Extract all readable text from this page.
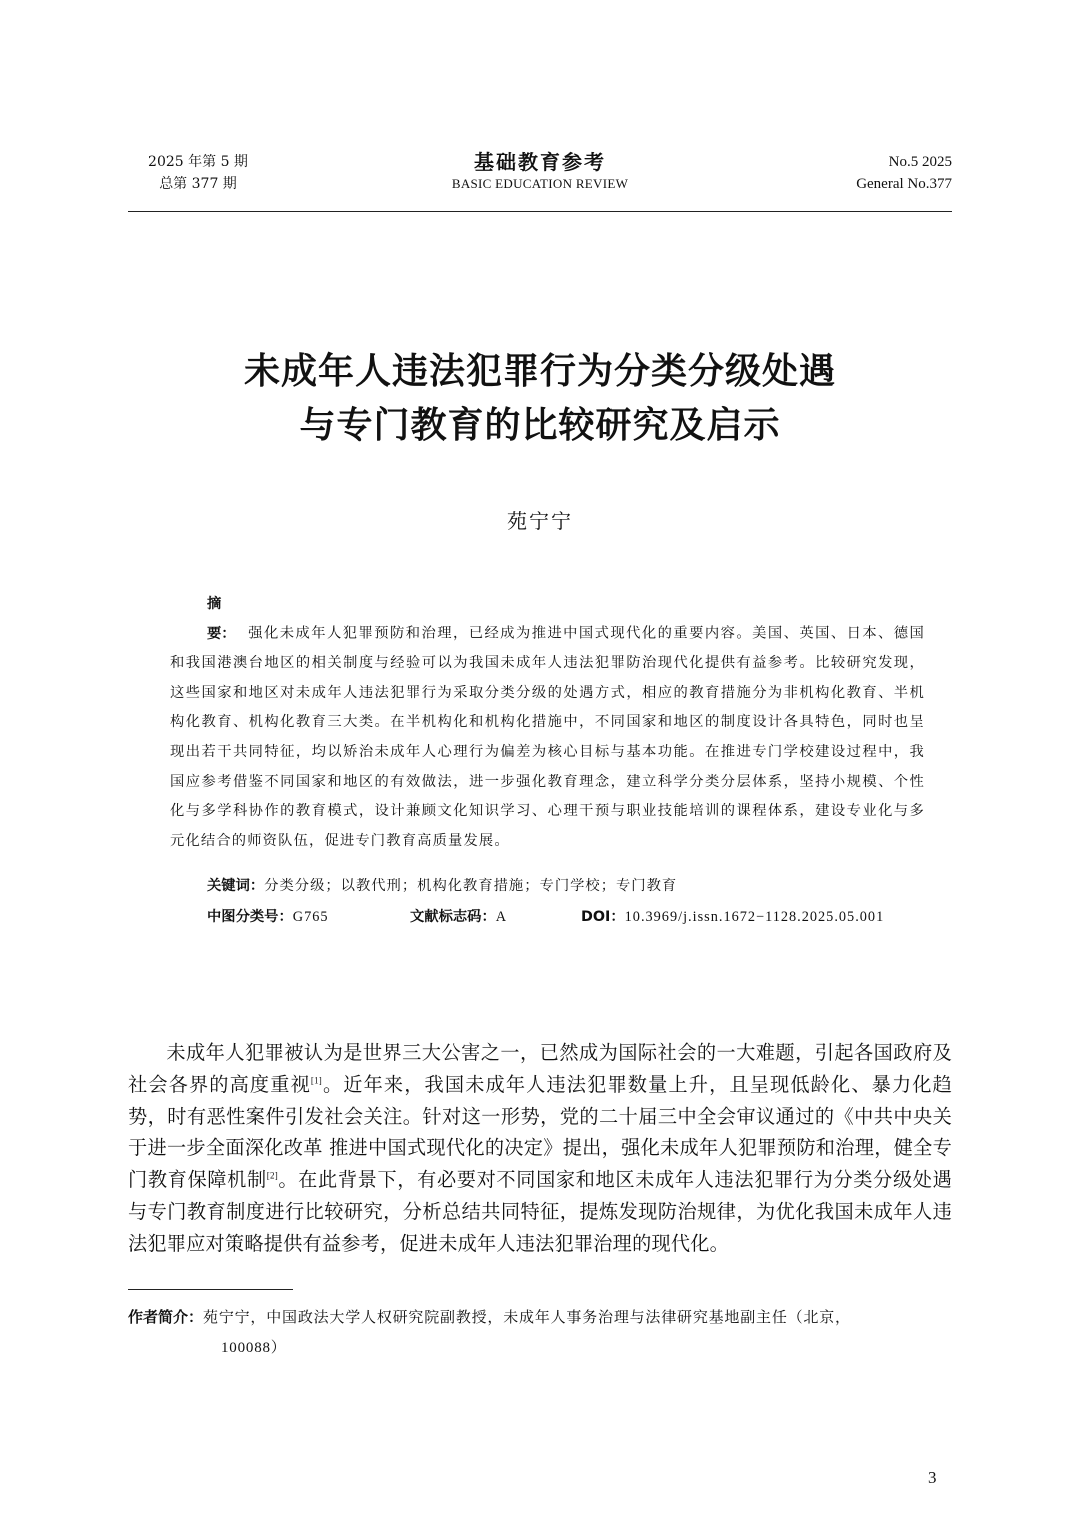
2025 年第 5 期
总第 377 期
基础教育参考
BASIC EDUCATION REVIEW
No.5 2025
General No.377
未成年人违法犯罪行为分类分级处遇
与专门教育的比较研究及启示
苑宁宁
摘要： 强化未成年人犯罪预防和治理，已经成为推进中国式现代化的重要内容。美国、英国、日本、德国和我国港澳台地区的相关制度与经验可以为我国未成年人违法犯罪防治现代化提供有益参考。比较研究发现，这些国家和地区对未成年人违法犯罪行为采取分类分级的处遇方式，相应的教育措施分为非机构化教育、半机构化教育、机构化教育三大类。在半机构化和机构化措施中，不同国家和地区的制度设计各具特色，同时也呈现出若干共同特征，均以矫治未成年人心理行为偏差为核心目标与基本功能。在推进专门学校建设过程中，我国应参考借鉴不同国家和地区的有效做法，进一步强化教育理念，建立科学分类分层体系，坚持小规模、个性化与多学科协作的教育模式，设计兼顾文化知识学习、心理干预与职业技能培训的课程体系，建设专业化与多元化结合的师资队伍，促进专门教育高质量发展。
关键词：分类分级；以教代刑；机构化教育措施；专门学校；专门教育
中图分类号：G765	文献标志码：A	DOI：10.3969/j.issn.1672−1128.2025.05.001

未成年人犯罪被认为是世界三大公害之一，已然成为国际社会的一大难题，引起各国政府及社会各界的高度重视[1]。近年来，我国未成年人违法犯罪数量上升，且呈现低龄化、暴力化趋势，时有恶性案件引发社会关注。针对这一形势，党的二十届三中全会审议通过的《中共中央关于进一步全面深化改革 推进中国式现代化的决定》提出，强化未成年人犯罪预防和治理，健全专门教育保障机制[2]。在此背景下，有必要对不同国家和地区未成年人违法犯罪行为分类分级处遇与专门教育制度进行比较研究，分析总结共同特征，提炼发现防治规律，为优化我国未成年人违法犯罪应对策略提供有益参考，促进未成年人违法犯罪治理的现代化。

作者简介：苑宁宁，中国政法大学人权研究院副教授，未成年人事务治理与法律研究基地副主任（北京，
100088）
3
